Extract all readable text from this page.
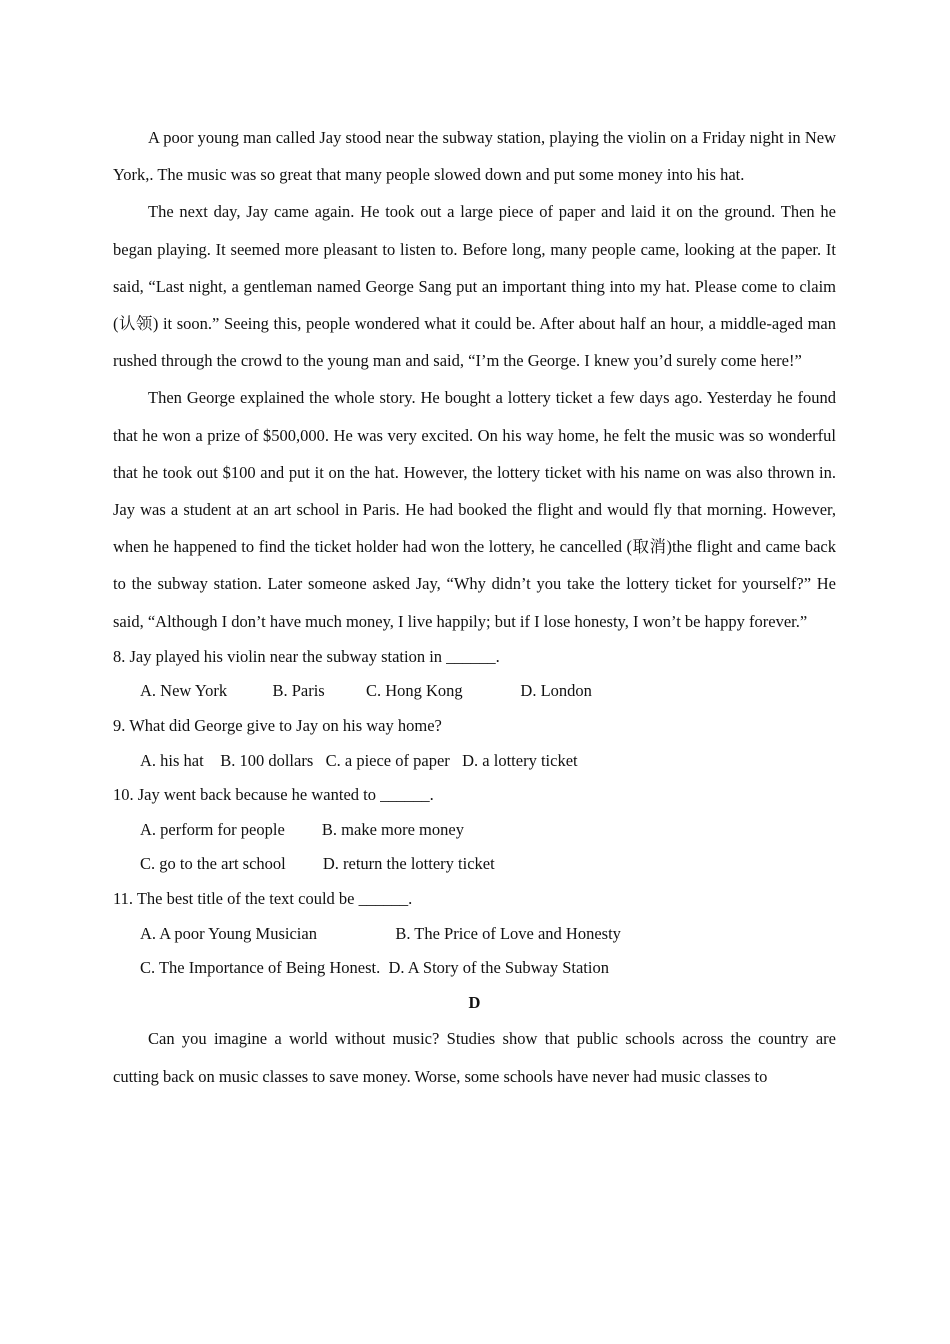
A poor young man called Jay stood near the subway station, playing the violin on a Friday night in New York,. The music was so great that many people slowed down and put some money into his hat.

The next day, Jay came again. He took out a large piece of paper and laid it on the ground. Then he began playing. It seemed more pleasant to listen to. Before long, many people came, looking at the paper. It said, “Last night, a gentleman named George Sang put an important thing into my hat. Please come to claim (认领) it soon.” Seeing this, people wondered what it could be. After about half an hour, a middle-aged man rushed through the crowd to the young man and said, “I’m the George. I knew you’d surely come here!”

Then George explained the whole story. He bought a lottery ticket a few days ago. Yesterday he found that he won a prize of $500,000. He was very excited. On his way home, he felt the music was so wonderful that he took out $100 and put it on the hat. However, the lottery ticket with his name on was also thrown in. Jay was a student at an art school in Paris. He had booked the flight and would fly that morning. However, when he happened to find the ticket holder had won the lottery, he cancelled (取消)the flight and came back to the subway station. Later someone asked Jay, “Why didn’t you take the lottery ticket for yourself?” He said, “Although I don’t have much money, I live happily; but if I lose honesty, I won’t be happy forever.”

8. Jay played his violin near the subway station in ______.

A. New York           B. Paris          C. Hong Kong              D. London

9. What did George give to Jay on his way home?

A. his hat    B. 100 dollars   C. a piece of paper   D. a lottery ticket

10. Jay went back because he wanted to ______.

A. perform for people         B. make more money

C. go to the art school         D. return the lottery ticket

11. The best title of the text could be ______.

A. A poor Young Musician                   B. The Price of Love and Honesty

C. The Importance of Being Honest.  D. A Story of the Subway Station

D

Can you imagine a world without music? Studies show that public schools across the country are cutting back on music classes to save money. Worse, some schools have never had music classes to
